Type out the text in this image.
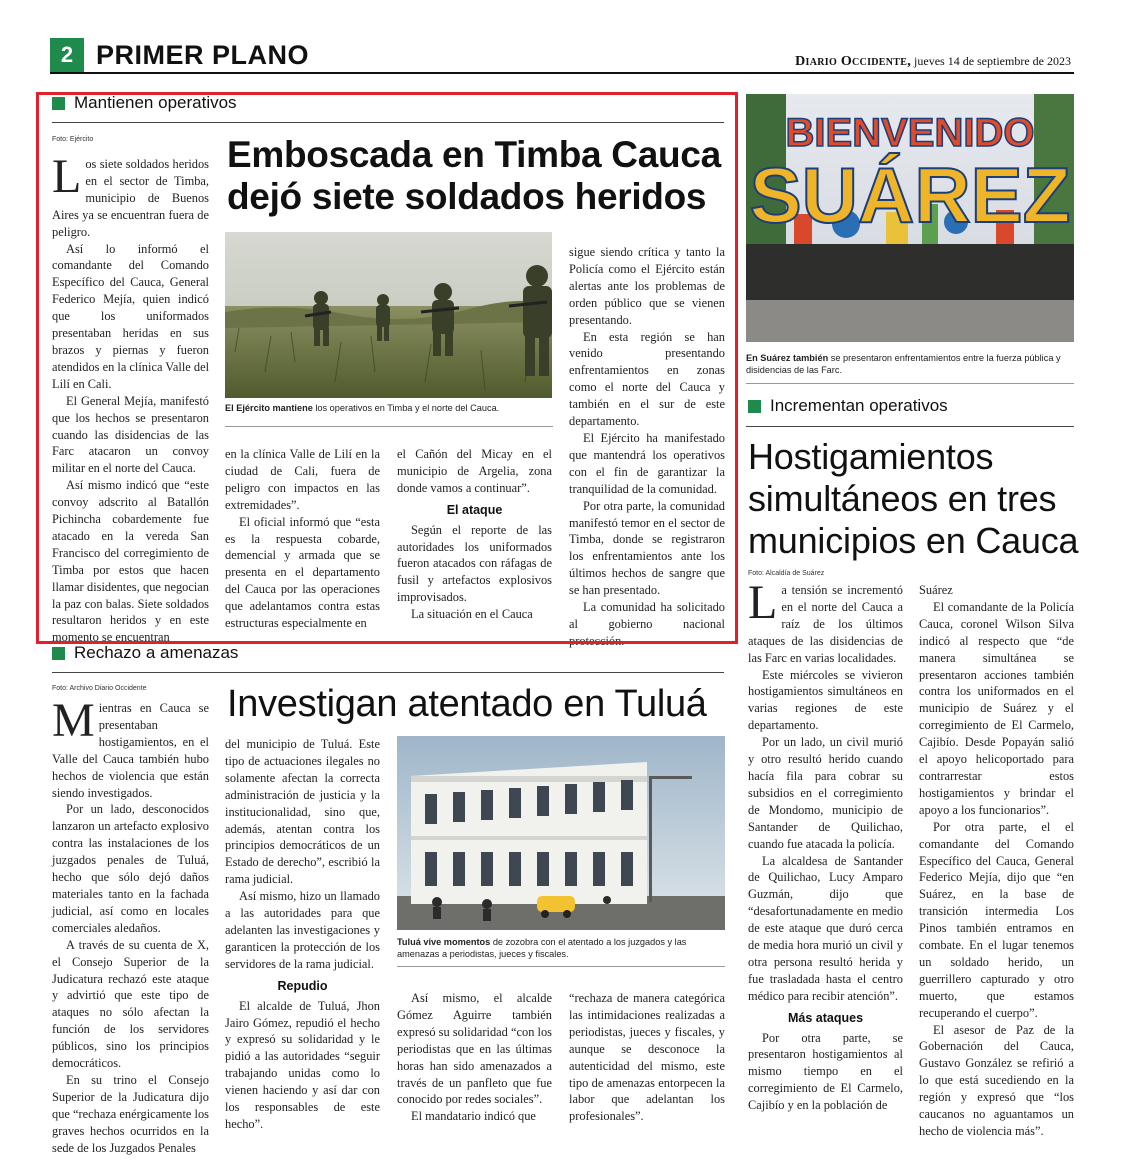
2 PRIMER PLANO	Diario Occidente, jueves 14 de septiembre de 2023
Mantienen operativos
Foto: Ejército	Emboscada en Timba Cauca
dejó siete soldados heridos

Los siete soldados heridos en el sector de Timba, municipio de Buenos Aires ya se encuentran fuera de peligro.

Así lo informó el comandante del Comando Específico del Cauca, General Federico Mejía, quien indicó que los uniformados presentaban heridas en sus brazos y piernas y fueron atendidos en la clínica Valle del Lilí en Cali.

El General Mejía, manifestó que los hechos se presentaron cuando las disidencias de las Farc atacaron un convoy militar en el norte del Cauca.

Así mismo indicó que “este convoy adscrito al Batallón Pichincha cobardemente fue atacado en la vereda San Francisco del corregimiento de Timba por estos que hacen llamar disidentes, que negocian la paz con balas. Siete soldados resultaron heridos y en este momento se encuentran

El Ejército mantiene los operativos en Timba y el norte del Cauca.

en la clínica Valle de Lilí en la ciudad de Cali, fuera de peligro con impactos en las extremidades”.

El oficial informó que “esta es la respuesta cobarde, demencial y armada que se presenta en el departamento del Cauca por las operaciones que adelantamos contra estas estructuras especialmente en

el Cañón del Micay en el municipio de Argelia, zona donde vamos a continuar”.

El ataque

Según el reporte de las autoridades los uniformados fueron atacados con ráfagas de fusil y artefactos explosivos improvisados.

La situación en el Cauca

sigue siendo crítica y tanto la Policía como el Ejército están alertas ante los problemas de orden público que se vienen presentando.

En esta región se han venido presentando enfrentamientos en zonas como el norte del Cauca y también en el sur de este departamento.

El Ejército ha manifestado que mantendrá los operativos con el fin de garantizar la tranquilidad de la comunidad.

Por otra parte, la comunidad manifestó temor en el sector de Timba, donde se registraron los enfrentamientos ante los últimos hechos de sangre que se han presentado.

La comunidad ha solicitado al gobierno nacional protección.

BIENVENIDO
SUÁREZ
En Suárez también se presentaron enfrentamientos entre la fuerza pública y disidencias de las Farc.
Incrementan operativos
Hostigamientos
simultáneos en tres
municipios en Cauca
Foto: Alcaldía de Suárez

La tensión se incrementó en el norte del Cauca a raíz de los últimos ataques de las disidencias de las Farc en varias localidades.

Este miércoles se vivieron hostigamientos simultáneos en varias regiones de este departamento.

Por un lado, un civil murió y otro resultó herido cuando hacía fila para cobrar su subsidios en el corregimiento de Mondomo, municipio de Santander de Quilichao, cuando fue atacada la policía.

La alcaldesa de Santander de Quilichao, Lucy Amparo Guzmán, dijo que “desafortunadamente en medio de este ataque que duró cerca de media hora murió un civil y otra persona resultó herida y fue trasladada hasta el centro médico para recibir atención”.

Más ataques

Por otra parte, se presentaron hostigamientos al mismo tiempo en el corregimiento de El Carmelo, Cajibío y en la población de

Suárez

El comandante de la Policía Cauca, coronel Wilson Silva indicó al respecto que “de manera simultánea se presentaron acciones también contra los uniformados en el municipio de Suárez y el corregimiento de El Carmelo, Cajibío. Desde Popayán salió el apoyo helicoportado para contrarrestar estos hostigamientos y brindar el apoyo a los funcionarios”.

Por otra parte, el el comandante del Comando Específico del Cauca, General Federico Mejía, dijo que “en Suárez, en la base de transición intermedia Los Pinos también entramos en combate. En el lugar tenemos un soldado herido, un guerrillero capturado y otro muerto, que estamos recuperando el cuerpo”.

El asesor de Paz de la Gobernación del Cauca, Gustavo González se refirió a lo que está sucediendo en la región y expresó que “los caucanos no aguantamos un hecho de violencia más”.

Rechazo a amenazas
Foto: Archivo Diario Occidente Investigan atentado en Tuluá

Mientras en Cauca se presentaban hostigamientos, en el Valle del Cauca también hubo hechos de violencia que están siendo investigados.

Por un lado, desconocidos lanzaron un artefacto explosivo contra las instalaciones de los juzgados penales de Tuluá, hecho que sólo dejó daños materiales tanto en la fachada judicial, así como en locales comerciales aledaños.

A través de su cuenta de X, el Consejo Superior de la Judicatura rechazó este ataque y advirtió que este tipo de ataques no sólo afectan la función de los servidores públicos, sino los principios democráticos.

En su trino el Consejo Superior de la Judicatura dijo que “rechaza enérgicamente los graves hechos ocurridos en la sede de los Juzgados Penales

del municipio de Tuluá. Este tipo de actuaciones ilegales no solamente afectan la correcta administración de justicia y la institucionalidad, sino que, además, atentan contra los principios democráticos de un Estado de derecho”, escribió la rama judicial.

Así mismo, hizo un llamado a las autoridades para que adelanten las investigaciones y garanticen la protección de los servidores de la rama judicial.

Repudio

El alcalde de Tuluá, Jhon Jairo Gómez, repudió el hecho y expresó su solidaridad y le pidió a las autoridades “seguir trabajando unidas como lo vienen haciendo y así dar con los responsables de este hecho”.

Tuluá vive momentos de zozobra con el atentado a los juzgados y las amenazas a periodistas, jueces y fiscales.

Así mismo, el alcalde Gómez Aguirre también expresó su solidaridad “con los periodistas que en las últimas horas han sido amenazados a través de un panfleto que fue conocido por redes sociales”.

El mandatario indicó que

“rechaza de manera categórica las intimidaciones realizadas a periodistas, jueces y fiscales, y aunque se desconoce la autenticidad del mismo, este tipo de amenazas entorpecen la labor que adelantan los profesionales”.
